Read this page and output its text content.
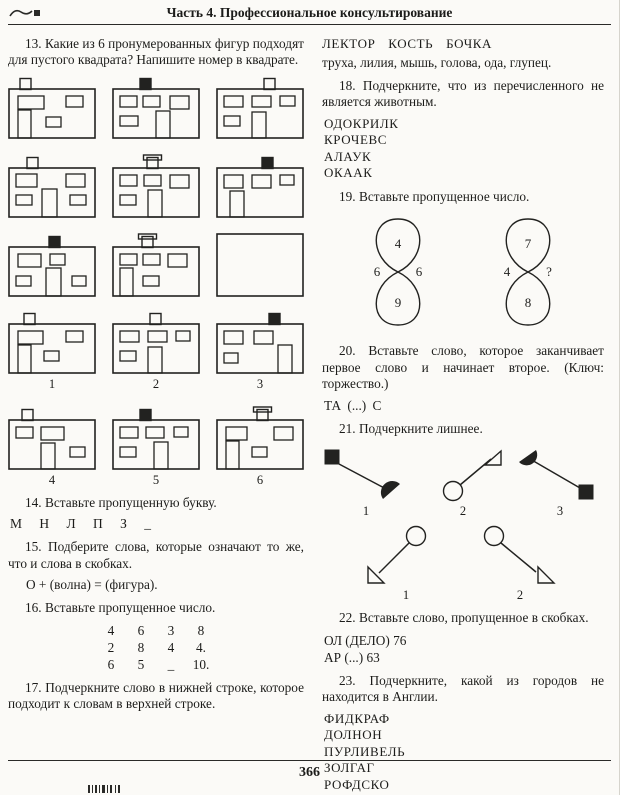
Часть 4. Профессиональное консультирование

13. Какие из 6 пронумерованных фигур подходят для пустого квадрата? Напишите номер в квадрате.

1	2	3
4	5	6

14. Вставьте пропущенную букву.

М Н Л П З _

15. Подберите слова, которые означают то же, что и слова в скобках.

О + (волна) = (фигура).

16. Вставьте пропущенное число.

4	6	3	8
2	8	4	4.
6	5	_	10.

17. Подчеркните слово в нижней строке, которое подходит к словам в верхней строке.

ЛЕКТОР КОСТЬ БОЧКА
труха, лилия, мышь, голова, ода, глупец.

18. Подчеркните, что из перечисленного не является животным.

ОДОКРИЛК
КРОЧЕВС
АЛАУК
ОКААК

19. Вставьте пропущенное число.

4
6	6
9
7
4	?
8

20. Вставьте слово, которое заканчивает первое слово и начинает второе. (Ключ: торжество.)

ТА (...) С

21. Подчеркните лишнее.

1	2	3
1	2

22. Вставьте слово, пропущенное в скобках.

ОЛ (ДЕЛО) 76
АР (...) 63

23. Подчеркните, какой из городов не находится в Англии.

ФИДКРАФ
ДОЛНОН
ПУРЛИВЕЛЬ
ЗОЛГАГ
РОФДСКО
366
